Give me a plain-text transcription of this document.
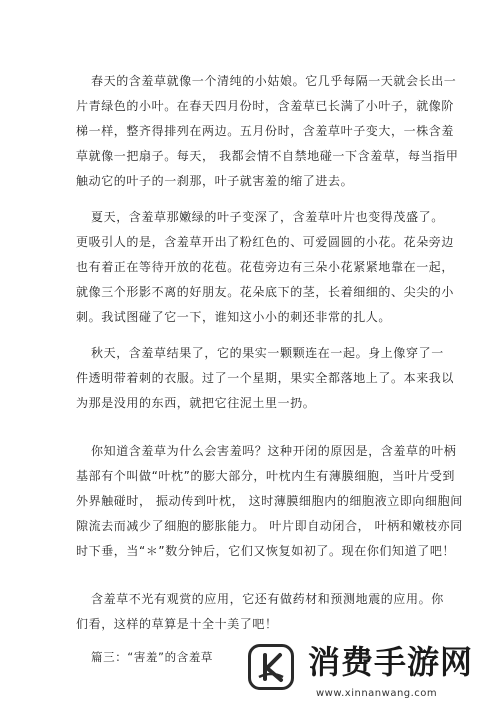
春天的含羞草就像一个清纯的小姑娘。它几乎每隔一天就会长出一
片青绿色的小叶。在春天四月份时，含羞草已长满了小叶子，就像阶
梯一样，整齐得排列在两边。五月份时，含羞草叶子变大，一株含羞
草就像一把扇子。每天， 我都会情不自禁地碰一下含羞草，每当指甲
触动它的叶子的一刹那，叶子就害羞的缩了进去。
夏天，含羞草那嫩绿的叶子变深了，含羞草叶片也变得茂盛了。
更吸引人的是，含羞草开出了粉红色的、可爱圆圆的小花。花朵旁边
也有着正在等待开放的花苞。花苞旁边有三朵小花紧紧地靠在一起，
就像三个形影不离的好朋友。花朵底下的茎，长着细细的、尖尖的小
刺。我试图碰了它一下，谁知这小小的刺还非常的扎人。
秋天，含羞草结果了，它的果实一颗颗连在一起。身上像穿了一
件透明带着刺的衣服。过了一个星期，果实全都落地上了。本来我以
为那是没用的东西，就把它往泥土里一扔。
你知道含羞草为什么会害羞吗？这种开闭的原因是，含羞草的叶柄
基部有个叫做“叶枕”的膨大部分，叶枕内生有薄膜细胞，当叶片受到
外界触碰时， 振动传到叶枕， 这时薄膜细胞内的细胞液立即向细胞间
隙流去而减少了细胞的膨胀能力。 叶片即自动闭合， 叶柄和嫩枝亦同
时下垂，当“＊”数分钟后，它们又恢复如初了。现在你们知道了吧！
含羞草不光有观赏的应用，它还有做药材和预测地震的应用。你
们看，这样的草算是十全十美了吧！
篇三：“害羞”的含羞草	消费手游网
www.xinnanwang.com
